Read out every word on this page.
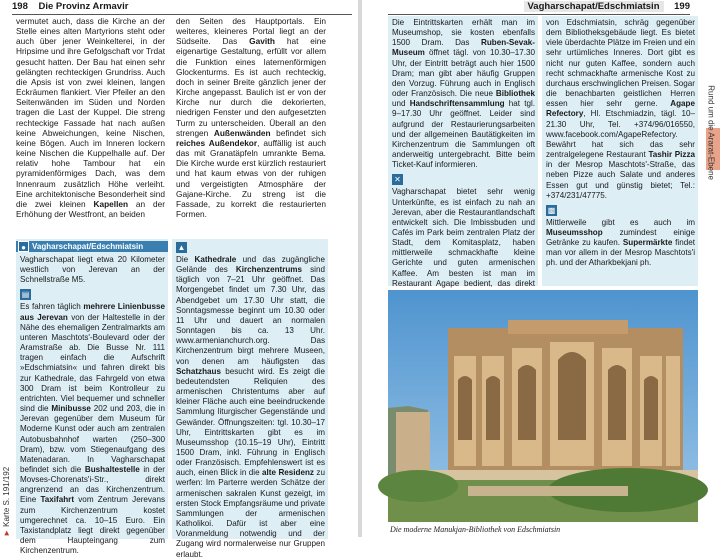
198 Die Provinz Armavir
vermutet auch, dass die Kirche an der Stelle eines alten Martyrions steht oder auch über jener Weinkelterei, in der Hripsime und ihre Gefolgschaft vor Trdat gesucht hatten. Der Bau hat einen sehr gelängten rechteckigen Grundriss. Auch die Apsis ist von zwei kleinen, langen Eckräumen flankiert. Vier Pfeiler an den Seitenwänden im Süden und Norden tragen die Last der Kuppel. Die streng rechteckige Fassade hat nach außen keine Abweichungen, keine Nischen, keine Bögen. Auch im Inneren lockern keine Nischen die Kuppelhalle auf. Der relativ hohe Tambour hat ein pyramidenförmiges Dach, was dem Innenraum zusätzlich Höhe verleiht. Eine architektonische Besonderheit sind die zwei kleinen Kapellen an der Erhöhung der Westfront, an beiden
den Seiten des Hauptportals. Ein weiteres, kleineres Portal liegt an der Südseite. Das Gavith hat eine eigenartige Gestaltung, erfüllt vor allem die Funktion eines laternenförmigen Glockenturms. Es ist auch rechteckig, doch in seiner Breite gänzlich jener der Kirche angepasst. Baulich ist er von der Kirche nur durch die dekorierten, niedrigen Fenster und den aufgesetzten Turm zu unterscheiden. Überall an den strengen Außenwänden befindet sich reiches Außendekor, auffällig ist auch das mit Granatäpfeln umrankte Bema. Die Kirche wurde erst kürzlich restauriert und hat kaum etwas von der ruhigen und vergeistigten Atmosphäre der Gajane-Kirche. Zu streng ist die Fassade, zu korrekt die restaurierten Formen.
● Vagharschapat/Edschmiatsin
Vagharschapat liegt etwa 20 Kilometer westlich von Jerevan an der Schnellstraße M5.
▤
Es fahren täglich mehrere Linienbusse aus Jerevan von der Haltestelle in der Nähe des ehemaligen Zentralmarkts am unteren Maschtots'-Boulevard oder der Aramstraße ab. Die Busse Nr. 111 tragen einfach die Aufschrift »Edschmiatsin« und fahren direkt bis zur Kathedrale, das Fahrgeld von etwa 300 Dram ist beim Kontrolleur zu entrichten. Viel bequemer und schneller sind die Minibusse 202 und 203, die in Jerevan gegenüber dem Museum für Moderne Kunst oder auch am zentralen Autobusbahnhof warten (250–300 Dram), bzw. vom Stiegenaufgang des Matenadaran. In Vagharschapat befindet sich die Bushaltestelle in der Movses-Chorenats'i-Str., direkt angrenzend an das Kirchenzentrum. Eine Taxifahrt vom Zentrum Jerevans zum Kirchenzentrum kostet umgerechnet ca. 10–15 Euro. Ein Taxistandplatz liegt direkt gegenüber dem Haupteingang zum Kirchenzentrum.
▲
Die Kathedrale und das zugängliche Gelände des Kirchenzentrums sind täglich von 7–21 Uhr geöffnet. Das Morgengebet findet um 7.30 Uhr, das Abendgebet um 17.30 Uhr statt, die Sonntagsmesse beginnt um 10.30 oder 11 Uhr und dauert an normalen Sonntagen bis ca. 13 Uhr. www.armenianchurch.org. Das Kirchenzentrum birgt mehrere Museen, von denen am häufigsten das Schatzhaus besucht wird. Es zeigt die bedeutendsten Reliquien des armenischen Christentums aber auf kleiner Fläche auch eine beeindruckende Sammlung liturgischer Gegenstände und Gewänder. Öffnungszeiten: tgl. 10.30–17 Uhr, Eintrittskarten gibt es im Museumsshop (10.15–19 Uhr), Eintritt 1500 Dram, inkl. Führung in Englisch oder Französisch. Empfehlenswert ist es auch, einen Blick in die alte Residenz zu werfen: Im Parterre werden Schätze der armenischen sakralen Kunst gezeigt, im ersten Stock Empfangsräume und private Sammlungen der armenischen Katholikoi. Dafür ist aber eine Voranmeldung notwendig und der Zugang wird normalerweise nur Gruppen erlaubt.
► Karte S. 191/192
Vagharschapat/Edschmiatsin 199
Die Eintrittskarten erhält man im Museumshop, sie kosten ebenfalls 1500 Dram. Das Ruben-Sevak-Museum öffnet tägl. von 10.30–17.30 Uhr, der Eintritt beträgt auch hier 1500 Dram; man gibt aber häufig Gruppen den Vorzug. Führung auch in Englisch oder Französisch. Die neue Bibliothek und Handschriftensammlung hat tgl. 9–17.30 Uhr geöffnet. Leider sind aufgrund der Restaurierungsarbeiten und der allgemeinen Bautätigkeiten im Kirchenzentrum die Sammlungen oft anderweitig untergebracht. Bitte beim Ticket-Kauf informieren.
✕
Vagharschapat bietet sehr wenig Unterkünfte, es ist einfach zu nah an Jerevan, aber die Restaurantlandschaft entwickelt sich. Die Imbissbuden und Cafés im Park beim zentralen Platz der Stadt, dem Komitasplatz, haben mittlerweile schmackhafte kleine Gerichte und guten armenischen Kaffee. Am besten ist man im Restaurant Agape bedient, das direkt
von Edschmiatsin, schräg gegenüber dem Bibliotheksgebäude liegt. Es bietet viele überdachte Plätze im Freien und ein sehr urtümliches Inneres. Dort gibt es nicht nur guten Kaffee, sondern auch recht schmackhafte armenische Kost zu durchaus erschwinglichen Preisen. Sogar die benachbarten geistlichen Herren essen hier sehr gerne. Agape Refectory, Hl. Etschmiadzin, tägl. 10–21.30 Uhr, Tel. +374/96/016550, www.facebook.com/AgapeRefectory. Bewährt hat sich das sehr zentralgelegene Restaurant Tashir Pizza in der Mesrop Maschtots'-Straße, das neben Pizze auch Salate und anderes Essen gut und günstig bietet; Tel.: +374/231/47775.
▩
Mittlerweile gibt es auch im Museumsshop zumindest einige Getränke zu kaufen. Supermärkte findet man vor allem in der Mesrop Maschtots'i ph. und der Atharkbekjani ph.
Rund um die Ararat-Ebene
Die moderne Manukjan-Bibliothek von Edschmiatsin
